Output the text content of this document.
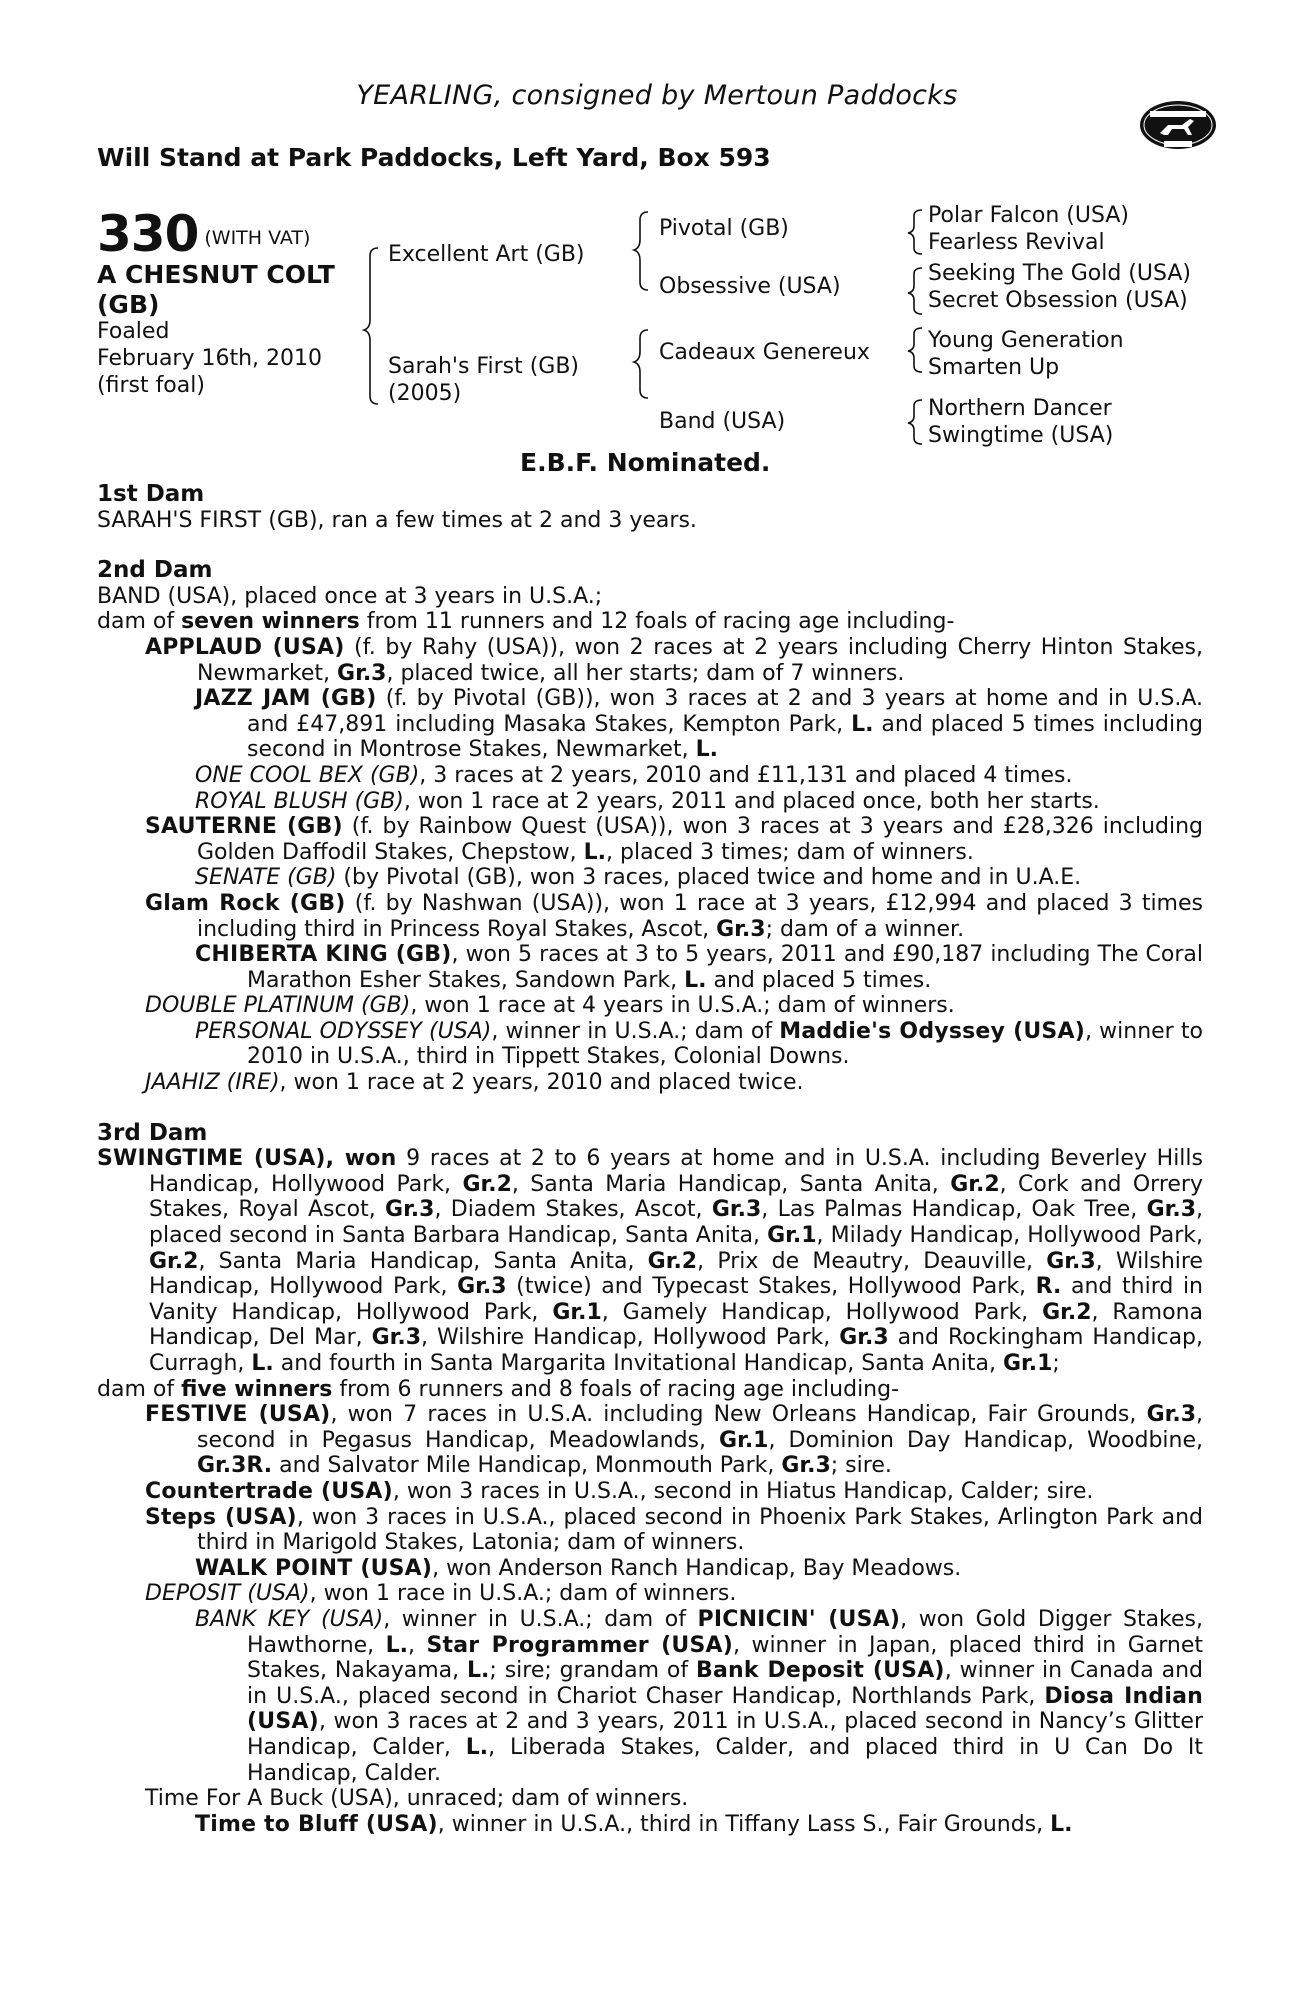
YEARLING, consigned by Mertoun Paddocks
Will Stand at Park Paddocks, Left Yard, Box 593
330 (WITH VAT)
A CHESNUT COLT
(GB)
Foaled
February 16th, 2010
(first foal)
Excellent Art (GB)
Sarah's First (GB)
(2005)
Pivotal (GB)
Obsessive (USA)
Cadeaux Genereux
Band (USA)
Polar Falcon (USA)
Fearless Revival
Seeking The Gold (USA)
Secret Obsession (USA)
Young Generation
Smarten Up
Northern Dancer
Swingtime (USA)
E.B.F. Nominated.
1st Dam

SARAH'S FIRST (GB), ran a few times at 2 and 3 years.

2nd Dam

BAND (USA), placed once at 3 years in U.S.A.;

dam of seven winners from 11 runners and 12 foals of racing age including-

APPLAUD (USA) (f. by Rahy (USA)), won 2 races at 2 years including Cherry Hinton Stakes, Newmarket, Gr.3, placed twice, all her starts; dam of 7 winners.

JAZZ JAM (GB) (f. by Pivotal (GB)), won 3 races at 2 and 3 years at home and in U.S.A. and £47,891 including Masaka Stakes, Kempton Park, L. and placed 5 times including second in Montrose Stakes, Newmarket, L.

ONE COOL BEX (GB), 3 races at 2 years, 2010 and £11,131 and placed 4 times.

ROYAL BLUSH (GB), won 1 race at 2 years, 2011 and placed once, both her starts.

SAUTERNE (GB) (f. by Rainbow Quest (USA)), won 3 races at 3 years and £28,326 including Golden Daffodil Stakes, Chepstow, L., placed 3 times; dam of winners.

SENATE (GB) (by Pivotal (GB), won 3 races, placed twice and home and in U.A.E.

Glam Rock (GB) (f. by Nashwan (USA)), won 1 race at 3 years, £12,994 and placed 3 times including third in Princess Royal Stakes, Ascot, Gr.3; dam of a winner.

CHIBERTA KING (GB), won 5 races at 3 to 5 years, 2011 and £90,187 including The Coral Marathon Esher Stakes, Sandown Park, L. and placed 5 times.

DOUBLE PLATINUM (GB), won 1 race at 4 years in U.S.A.; dam of winners.

PERSONAL ODYSSEY (USA), winner in U.S.A.; dam of Maddie's Odyssey (USA), winner to 2010 in U.S.A., third in Tippett Stakes, Colonial Downs.

JAAHIZ (IRE), won 1 race at 2 years, 2010 and placed twice.

3rd Dam

SWINGTIME (USA), won 9 races at 2 to 6 years at home and in U.S.A. including Beverley Hills Handicap, Hollywood Park, Gr.2, Santa Maria Handicap, Santa Anita, Gr.2, Cork and Orrery Stakes, Royal Ascot, Gr.3, Diadem Stakes, Ascot, Gr.3, Las Palmas Handicap, Oak Tree, Gr.3, placed second in Santa Barbara Handicap, Santa Anita, Gr.1, Milady Handicap, Hollywood Park, Gr.2, Santa Maria Handicap, Santa Anita, Gr.2, Prix de Meautry, Deauville, Gr.3, Wilshire Handicap, Hollywood Park, Gr.3 (twice) and Typecast Stakes, Hollywood Park, R. and third in Vanity Handicap, Hollywood Park, Gr.1, Gamely Handicap, Hollywood Park, Gr.2, Ramona Handicap, Del Mar, Gr.3, Wilshire Handicap, Hollywood Park, Gr.3 and Rockingham Handicap, Curragh, L. and fourth in Santa Margarita Invitational Handicap, Santa Anita, Gr.1;

dam of five winners from 6 runners and 8 foals of racing age including-

FESTIVE (USA), won 7 races in U.S.A. including New Orleans Handicap, Fair Grounds, Gr.3, second in Pegasus Handicap, Meadowlands, Gr.1, Dominion Day Handicap, Woodbine, Gr.3R. and Salvator Mile Handicap, Monmouth Park, Gr.3; sire.

Countertrade (USA), won 3 races in U.S.A., second in Hiatus Handicap, Calder; sire.

Steps (USA), won 3 races in U.S.A., placed second in Phoenix Park Stakes, Arlington Park and third in Marigold Stakes, Latonia; dam of winners.

WALK POINT (USA), won Anderson Ranch Handicap, Bay Meadows.

DEPOSIT (USA), won 1 race in U.S.A.; dam of winners.

BANK KEY (USA), winner in U.S.A.; dam of PICNICIN' (USA), won Gold Digger Stakes, Hawthorne, L., Star Programmer (USA), winner in Japan, placed third in Garnet Stakes, Nakayama, L.; sire; grandam of Bank Deposit (USA), winner in Canada and in U.S.A., placed second in Chariot Chaser Handicap, Northlands Park, Diosa Indian (USA), won 3 races at 2 and 3 years, 2011 in U.S.A., placed second in Nancy’s Glitter Handicap, Calder, L., Liberada Stakes, Calder, and placed third in U Can Do It Handicap, Calder.

Time For A Buck (USA), unraced; dam of winners.

Time to Bluff (USA), winner in U.S.A., third in Tiffany Lass S., Fair Grounds, L.
